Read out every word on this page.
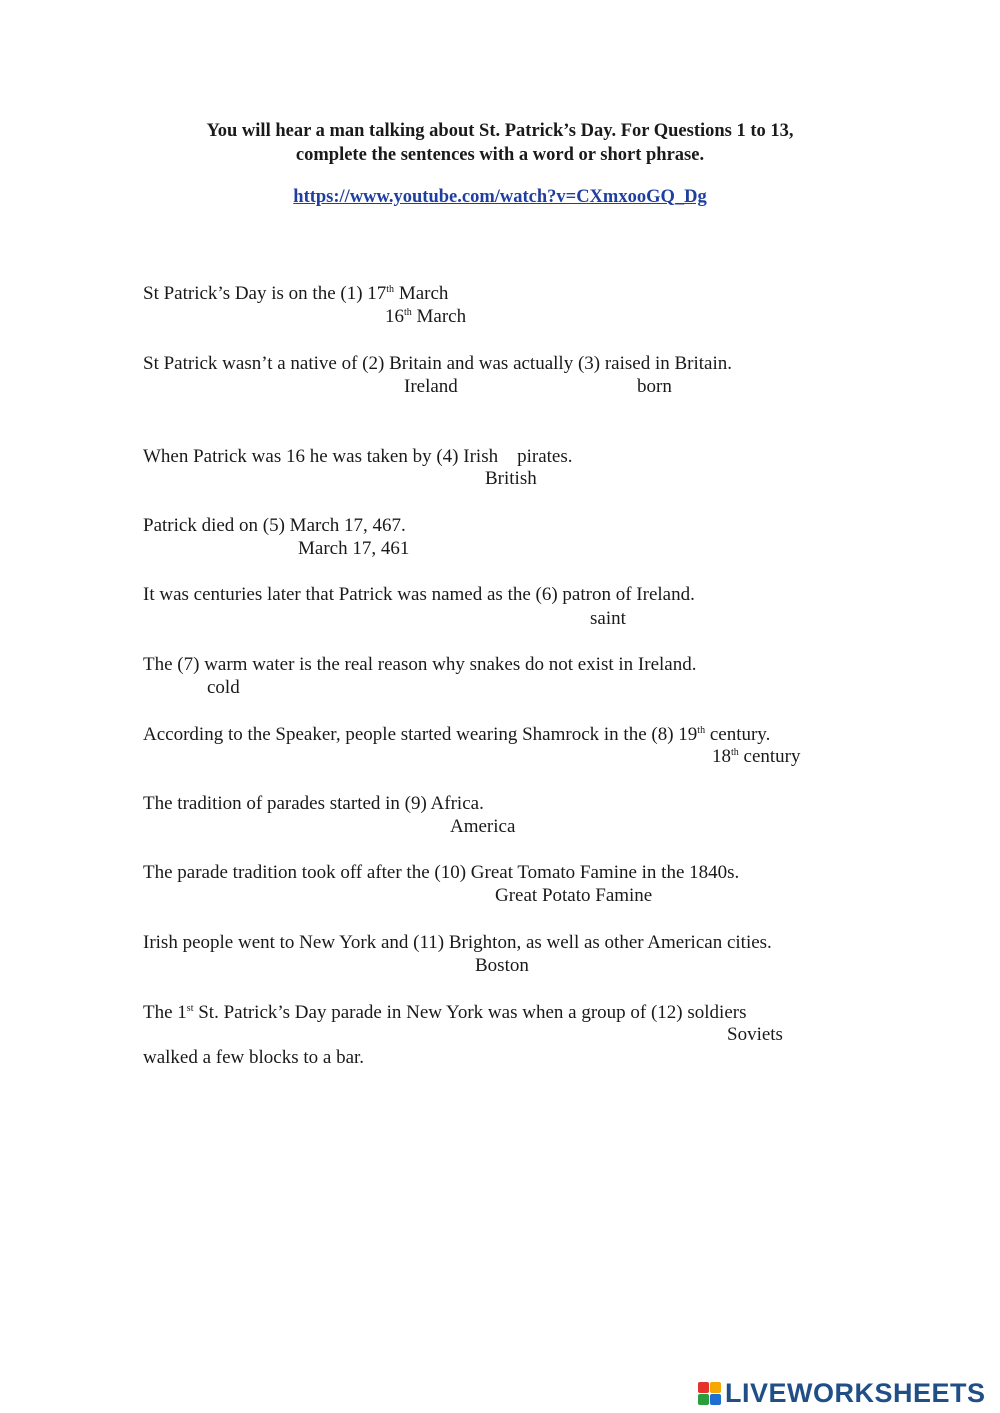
You will hear a man talking about St. Patrick’s Day. For Questions 1 to 13,
complete the sentences with a word or short phrase.
https://www.youtube.com/watch?v=CXmxooGQ_Dg
St Patrick’s Day is on the (1) 17th March
16th March
St Patrick wasn’t a native of (2) Britain and was actually (3) raised in Britain.
Ireland	born
When Patrick was 16 he was taken by (4) Irish    pirates.
British
Patrick died on (5) March 17, 467.
March 17, 461
It was centuries later that Patrick was named as the (6) patron of Ireland.
saint
The (7) warm water is the real reason why snakes do not exist in Ireland.
cold
According to the Speaker, people started wearing Shamrock in the (8) 19th century.
18th century
The tradition of parades started in (9) Africa.
America
The parade tradition took off after the (10) Great Tomato Famine in the 1840s.
Great Potato Famine
Irish people went to New York and (11) Brighton, as well as other American cities.
Boston
The 1st St. Patrick’s Day parade in New York was when a group of (12) soldiers
Soviets
walked a few blocks to a bar.
LIVEWORKSHEETS
